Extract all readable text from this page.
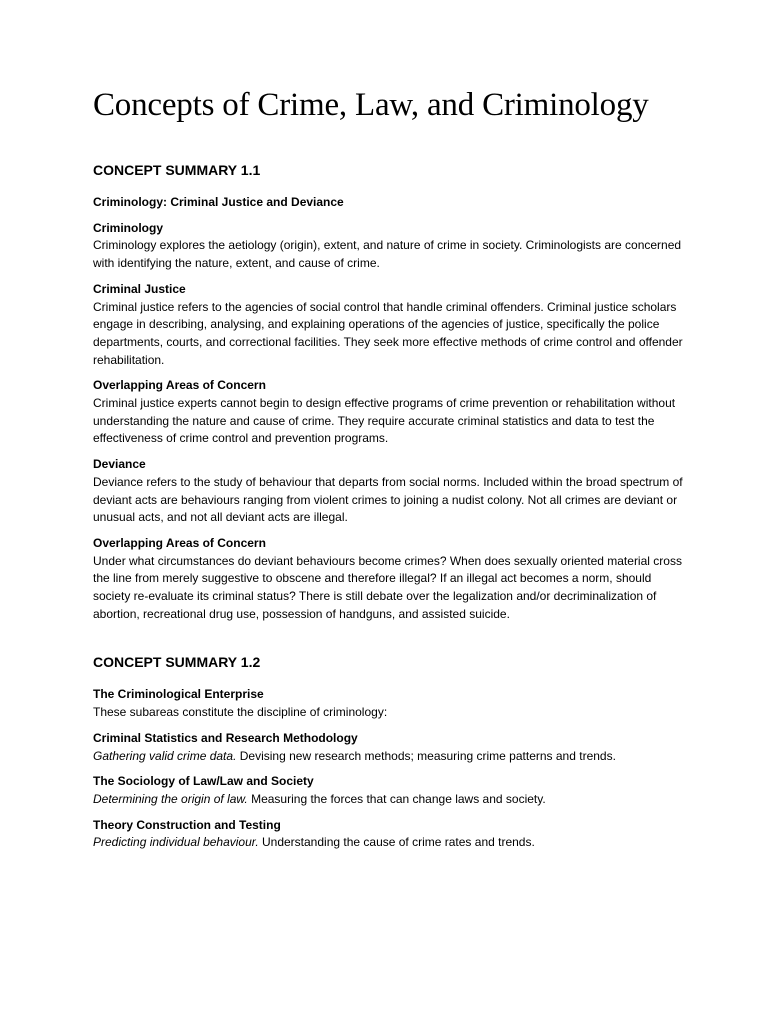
Concepts of Crime, Law, and Criminology
CONCEPT SUMMARY 1.1
Criminology: Criminal Justice and Deviance

Criminology

Criminology explores the aetiology (origin), extent, and nature of crime in society. Criminologists are concerned with identifying the nature, extent, and cause of crime.

Criminal Justice

Criminal justice refers to the agencies of social control that handle criminal offenders. Criminal justice scholars engage in describing, analysing, and explaining operations of the agencies of justice, specifically the police departments, courts, and correctional facilities. They seek more effective methods of crime control and offender rehabilitation.

Overlapping Areas of Concern

Criminal justice experts cannot begin to design effective programs of crime prevention or rehabilitation without understanding the nature and cause of crime. They require accurate criminal statistics and data to test the effectiveness of crime control and prevention programs.

Deviance

Deviance refers to the study of behaviour that departs from social norms. Included within the broad spectrum of deviant acts are behaviours ranging from violent crimes to joining a nudist colony. Not all crimes are deviant or unusual acts, and not all deviant acts are illegal.

Overlapping Areas of Concern

Under what circumstances do deviant behaviours become crimes? When does sexually oriented material cross the line from merely suggestive to obscene and therefore illegal? If an illegal act becomes a norm, should society re-evaluate its criminal status? There is still debate over the legalization and/or decriminalization of abortion, recreational drug use, possession of handguns, and assisted suicide.

CONCEPT SUMMARY 1.2
The Criminological Enterprise

These subareas constitute the discipline of criminology:

Criminal Statistics and Research Methodology

Gathering valid crime data. Devising new research methods; measuring crime patterns and trends.

The Sociology of Law/Law and Society

Determining the origin of law. Measuring the forces that can change laws and society.

Theory Construction and Testing

Predicting individual behaviour. Understanding the cause of crime rates and trends.
